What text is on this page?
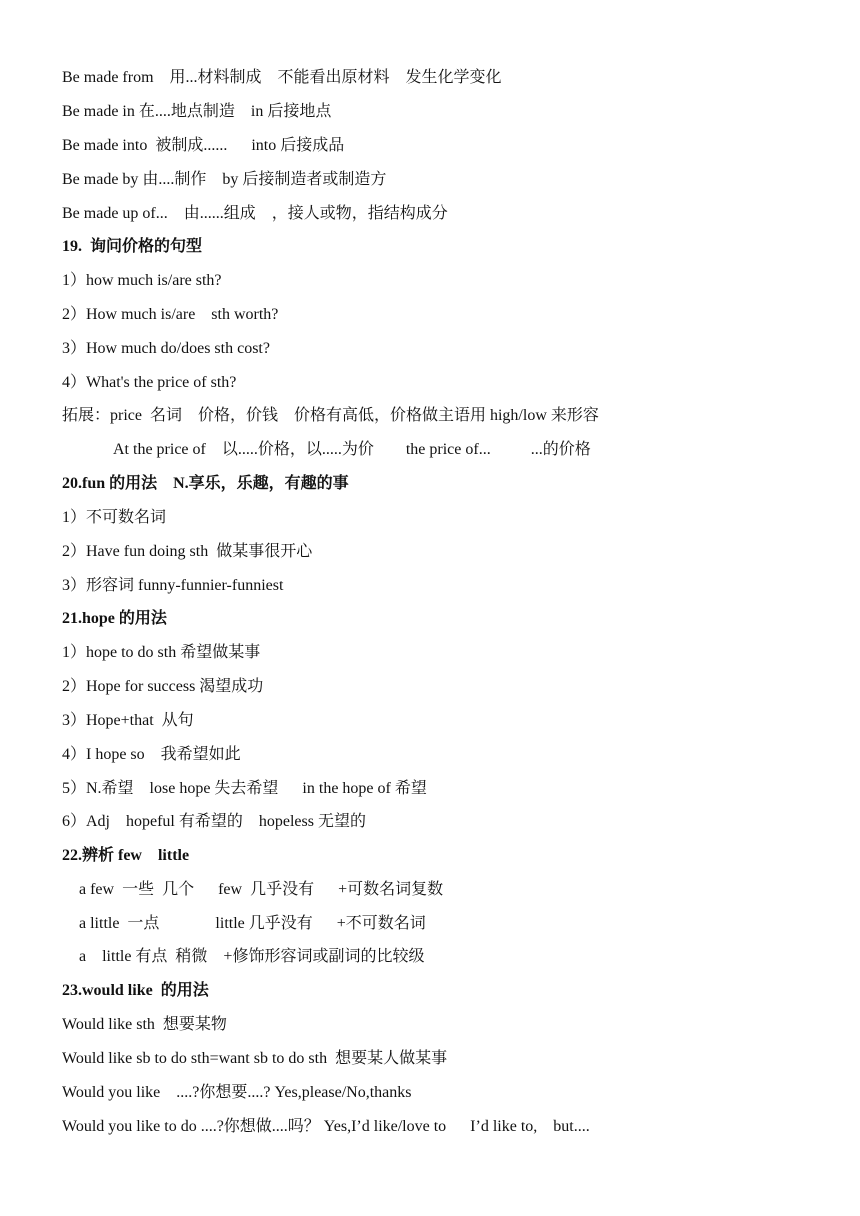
Be made from    用...材料制成    不能看出原材料    发生化学变化
Be made in 在....地点制造    in 后接地点
Be made into  被制成......      into 后接成品
Be made by 由....制作    by 后接制造者或制造方
Be made up of...    由......组成    ，接人或物，指结构成分
19.  询问价格的句型
1）how much is/are sth?
2）How much is/are    sth worth?
3）How much do/does sth cost?
4）What's the price of sth?
拓展：price  名词    价格，价钱    价格有高低，价格做主语用 high/low 来形容
At the price of    以.....价格，以.....为价        the price of...          ...的价格
20.fun 的用法    N.享乐，乐趣，有趣的事
1）不可数名词
2）Have fun doing sth  做某事很开心
3）形容词 funny-funnier-funniest
21.hope 的用法
1）hope to do sth 希望做某事
2）Hope for success 渴望成功
3）Hope+that  从句
4）I hope so    我希望如此
5）N.希望    lose hope 失去希望      in the hope of 希望
6）Adj    hopeful 有希望的    hopeless 无望的
22.辨析 few    little
a few  一些  几个      few  几乎没有      +可数名词复数
a little  一点              little 几乎没有      +不可数名词
a    little 有点  稍微    +修饰形容词或副词的比较级
23.would like  的用法
Would like sth  想要某物
Would like sb to do sth=want sb to do sth  想要某人做某事
Would you like    ....?你想要....? Yes,please/No,thanks
Would you like to do ....?你想做....吗？ Yes,I’d like/love to      I’d like to,    but....
